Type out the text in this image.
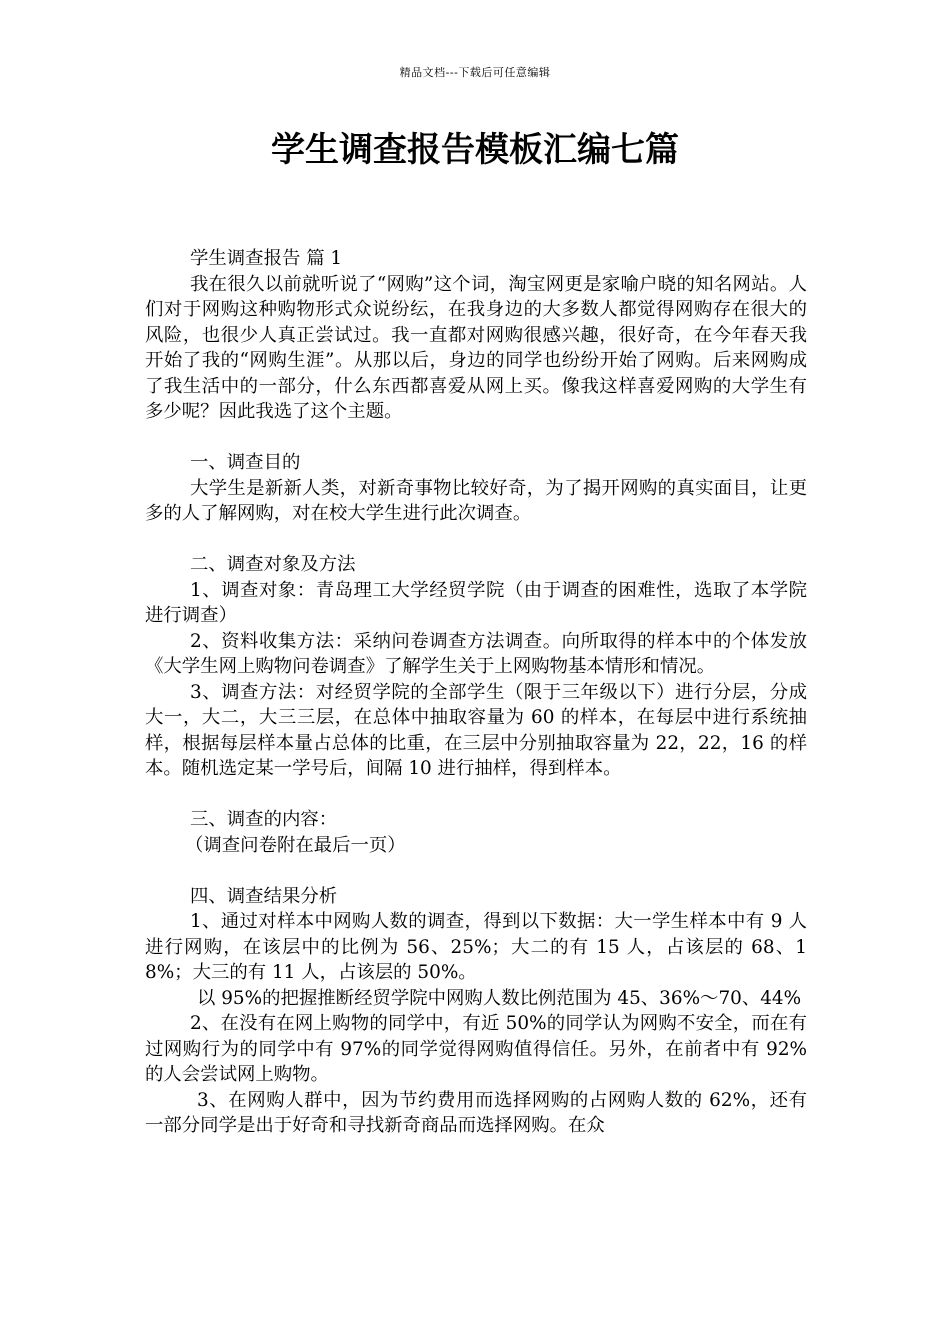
精品文档---下载后可任意编辑
学生调查报告模板汇编七篇

学生调查报告 篇 1

我在很久以前就听说了“网购”这个词，淘宝网更是家喻户晓的知名网站。人们对于网购这种购物形式众说纷纭，在我身边的大多数人都觉得网购存在很大的风险，也很少人真正尝试过。我一直都对网购很感兴趣，很好奇，在今年春天我开始了我的“网购生涯”。从那以后，身边的同学也纷纷开始了网购。后来网购成了我生活中的一部分，什么东西都喜爱从网上买。像我这样喜爱网购的大学生有多少呢？因此我选了这个主题。

一、调查目的

大学生是新新人类，对新奇事物比较好奇，为了揭开网购的真实面目，让更多的人了解网购，对在校大学生进行此次调查。

二、调查对象及方法

1、调查对象：青岛理工大学经贸学院（由于调查的困难性，选取了本学院进行调查）

2、资料收集方法：采纳问卷调查方法调查。向所取得的样本中的个体发放《大学生网上购物问卷调查》了解学生关于上网购物基本情形和情况。

3、调查方法：对经贸学院的全部学生（限于三年级以下）进行分层，分成大一，大二，大三三层，在总体中抽取容量为 60 的样本，在每层中进行系统抽样，根据每层样本量占总体的比重，在三层中分别抽取容量为 22，22，16 的样本。随机选定某一学号后，间隔 10 进行抽样，得到样本。

三、调查的内容：

（调查问卷附在最后一页）

四、调查结果分析

1、通过对样本中网购人数的调查，得到以下数据：大一学生样本中有 9 人进行网购，在该层中的比例为 56、25%；大二的有 15 人，占该层的 68、18%；大三的有 11 人，占该层的 50%。

以 95%的把握推断经贸学院中网购人数比例范围为 45、36%～70、44%

2、在没有在网上购物的同学中，有近 50%的同学认为网购不安全，而在有过网购行为的同学中有 97%的同学觉得网购值得信任。另外，在前者中有 92%的人会尝试网上购物。

3、在网购人群中，因为节约费用而选择网购的占网购人数的 62%，还有一部分同学是出于好奇和寻找新奇商品而选择网购。在众
